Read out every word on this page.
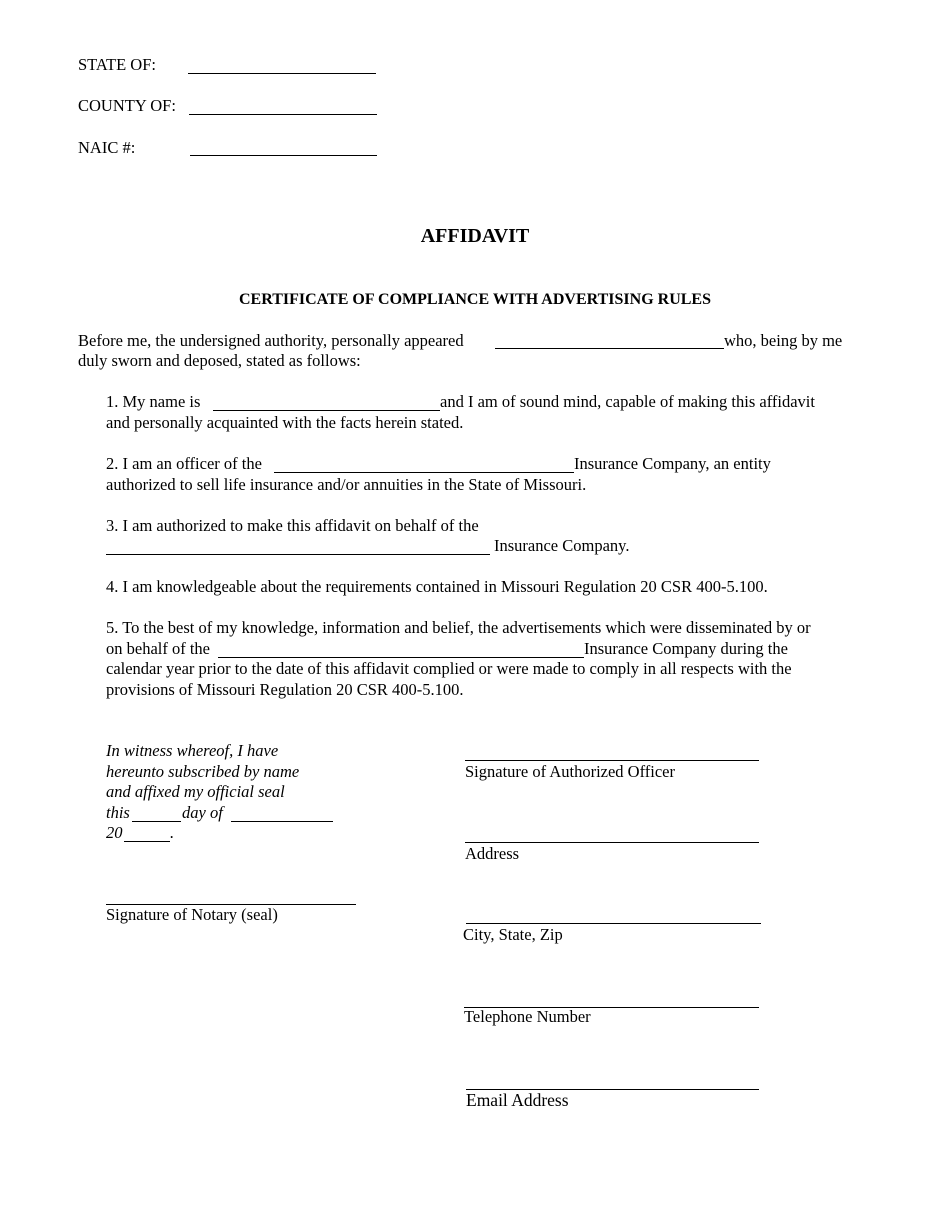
STATE OF:
COUNTY OF:
NAIC #:
AFFIDAVIT
CERTIFICATE OF COMPLIANCE WITH ADVERTISING RULES
Before me, the undersigned authority, personally appeared	who, being by me
duly sworn and deposed, stated as follows:
1. My name is	and I am of sound mind, capable of making this affidavit
and personally acquainted with the facts herein stated.
2. I am an officer of the	Insurance Company, an entity
authorized to sell life insurance and/or annuities in the State of Missouri.
3. I am authorized to make this affidavit on behalf of the
Insurance Company.
4. I am knowledgeable about the requirements contained in Missouri Regulation 20 CSR 400-5.100.
5. To the best of my knowledge, information and belief, the advertisements which were disseminated by or
on behalf of the	Insurance Company during the
calendar year prior to the date of this affidavit complied or were made to comply in all respects with the
provisions of Missouri Regulation 20 CSR 400-5.100.
In witness whereof, I have
hereunto subscribed by name
and affixed my official seal
this	day of
20	.
Signature of Notary (seal)
Signature of Authorized Officer
Address
City, State, Zip
Telephone Number
Email Address
